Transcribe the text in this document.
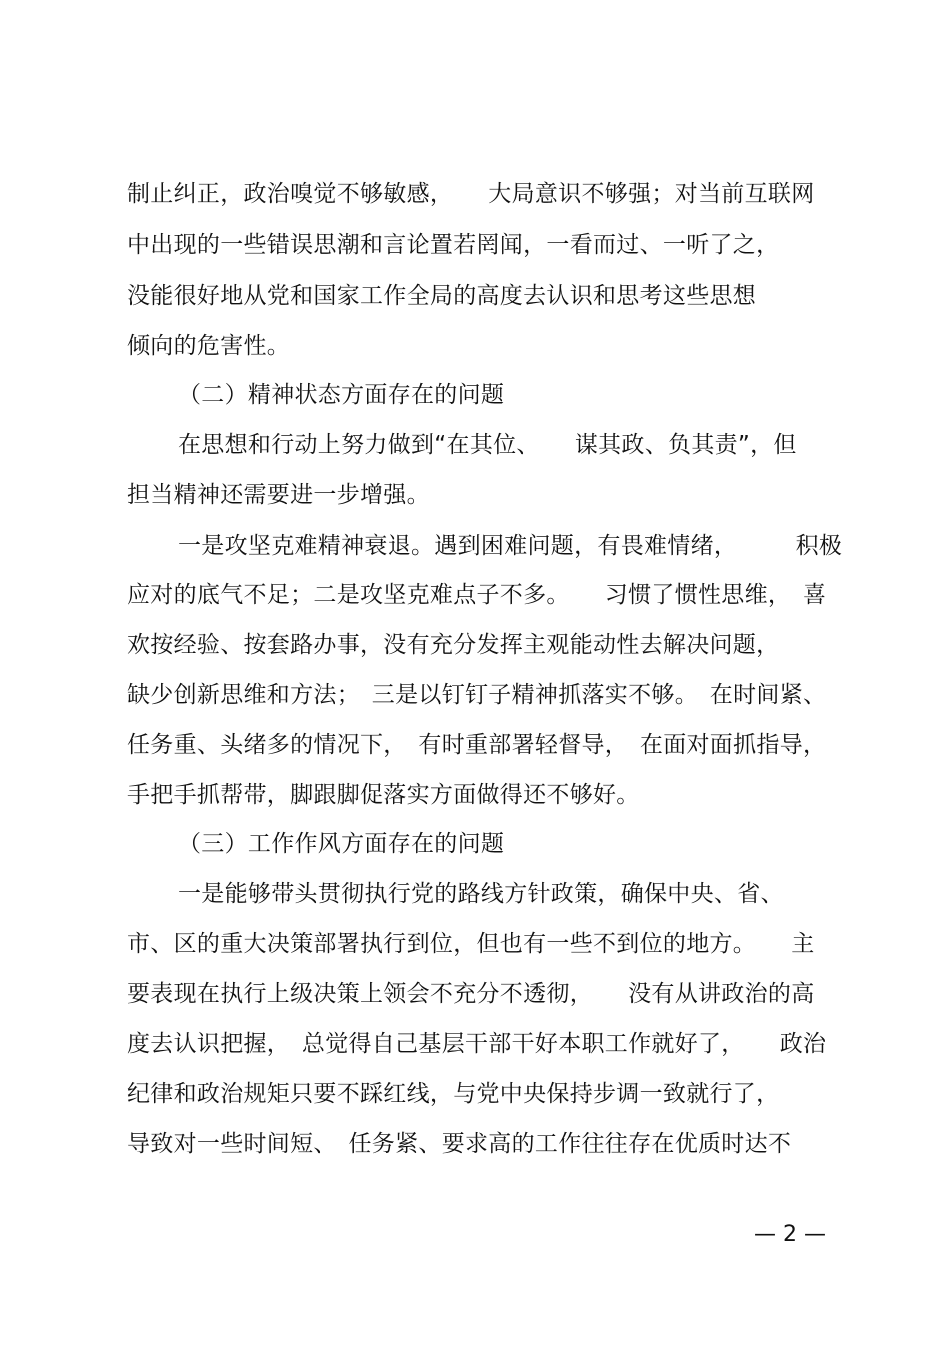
制止纠正，政治嗅觉不够敏感，　　大局意识不够强；对当前互联网
中出现的一些错误思潮和言论置若罔闻，一看而过、一听了之，
没能很好地从党和国家工作全局的高度去认识和思考这些思想
倾向的危害性。
（二）精神状态方面存在的问题
在思想和行动上努力做到“在其位、　　谋其政、负其责”，但
担当精神还需要进一步增强。
一是攻坚克难精神衰退。遇到困难问题，有畏难情绪，　　　积极
应对的底气不足；二是攻坚克难点子不多。　　习惯了惯性思维，　喜
欢按经验、按套路办事，没有充分发挥主观能动性去解决问题，
缺少创新思维和方法；　三是以钉钉子精神抓落实不够。　在时间紧、
任务重、头绪多的情况下，　有时重部署轻督导，　在面对面抓指导，
手把手抓帮带，脚跟脚促落实方面做得还不够好。
（三）工作作风方面存在的问题
一是能够带头贯彻执行党的路线方针政策，确保中央、省、
市、区的重大决策部署执行到位，但也有一些不到位的地方。　　主
要表现在执行上级决策上领会不充分不透彻，　　没有从讲政治的高
度去认识把握，　总觉得自己基层干部干好本职工作就好了，　　政治
纪律和政治规矩只要不踩红线，与党中央保持步调一致就行了，
导致对一些时间短、　任务紧、要求高的工作往往存在优质时达不
— 2 —
